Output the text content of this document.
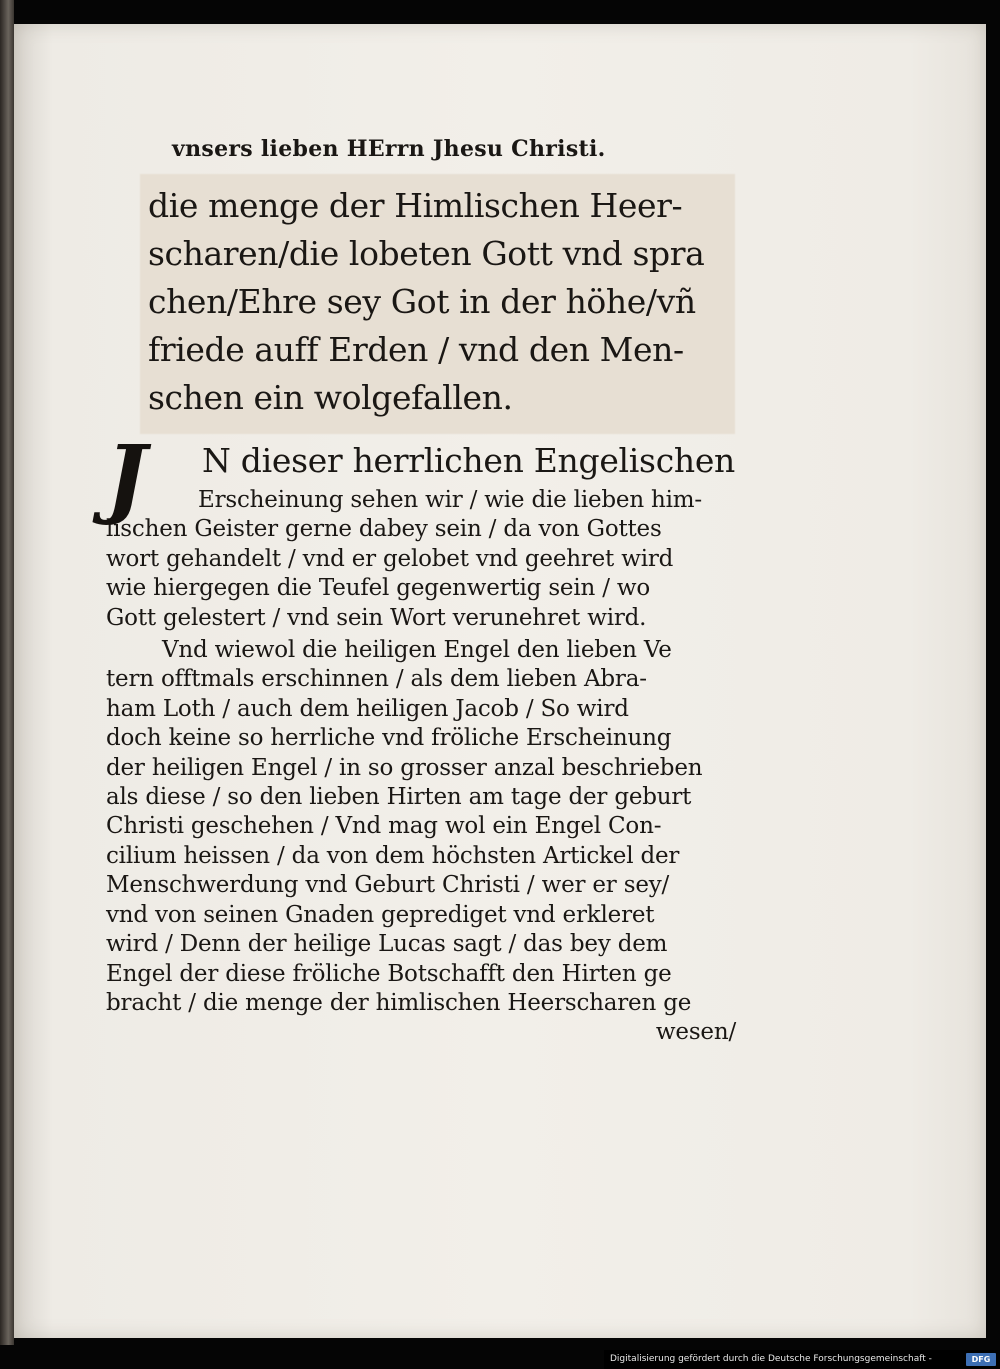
vnsers lieben HErrn Jhesu Christi.
die menge der Himlischen Heer-
scharen/die lobeten Gott vnd spra
chen/Ehre sey Got in der höhe/vñ
friede auff Erden / vnd den Men-
schen ein wolgefallen.
J	N dieser herrlichen Engelischen
Erscheinung sehen wir / wie die lieben him-
lischen Geister gerne dabey sein / da von Gottes
wort gehandelt / vnd er gelobet vnd geehret wird
wie hiergegen die Teufel gegenwertig sein / wo
Gott gelestert / vnd sein Wort verunehret wird.
Vnd wiewol die heiligen Engel den lieben Ve
tern offtmals erschinnen / als dem lieben Abra-
ham Loth / auch dem heiligen Jacob / So wird
doch keine so herrliche vnd fröliche Erscheinung
der heiligen Engel / in so grosser anzal beschrieben
als diese / so den lieben Hirten am tage der geburt
Christi geschehen / Vnd mag wol ein Engel Con-
cilium heissen / da von dem höchsten Artickel der
Menschwerdung vnd Geburt Christi / wer er sey/
vnd von seinen Gnaden geprediget vnd erkleret
wird / Denn der heilige Lucas sagt / das bey dem
Engel der diese fröliche Botschafft den Hirten ge
bracht / die menge der himlischen Heerscharen ge
wesen/
Digitalisierung gefördert durch die Deutsche Forschungsgemeinschaft -	DFG
